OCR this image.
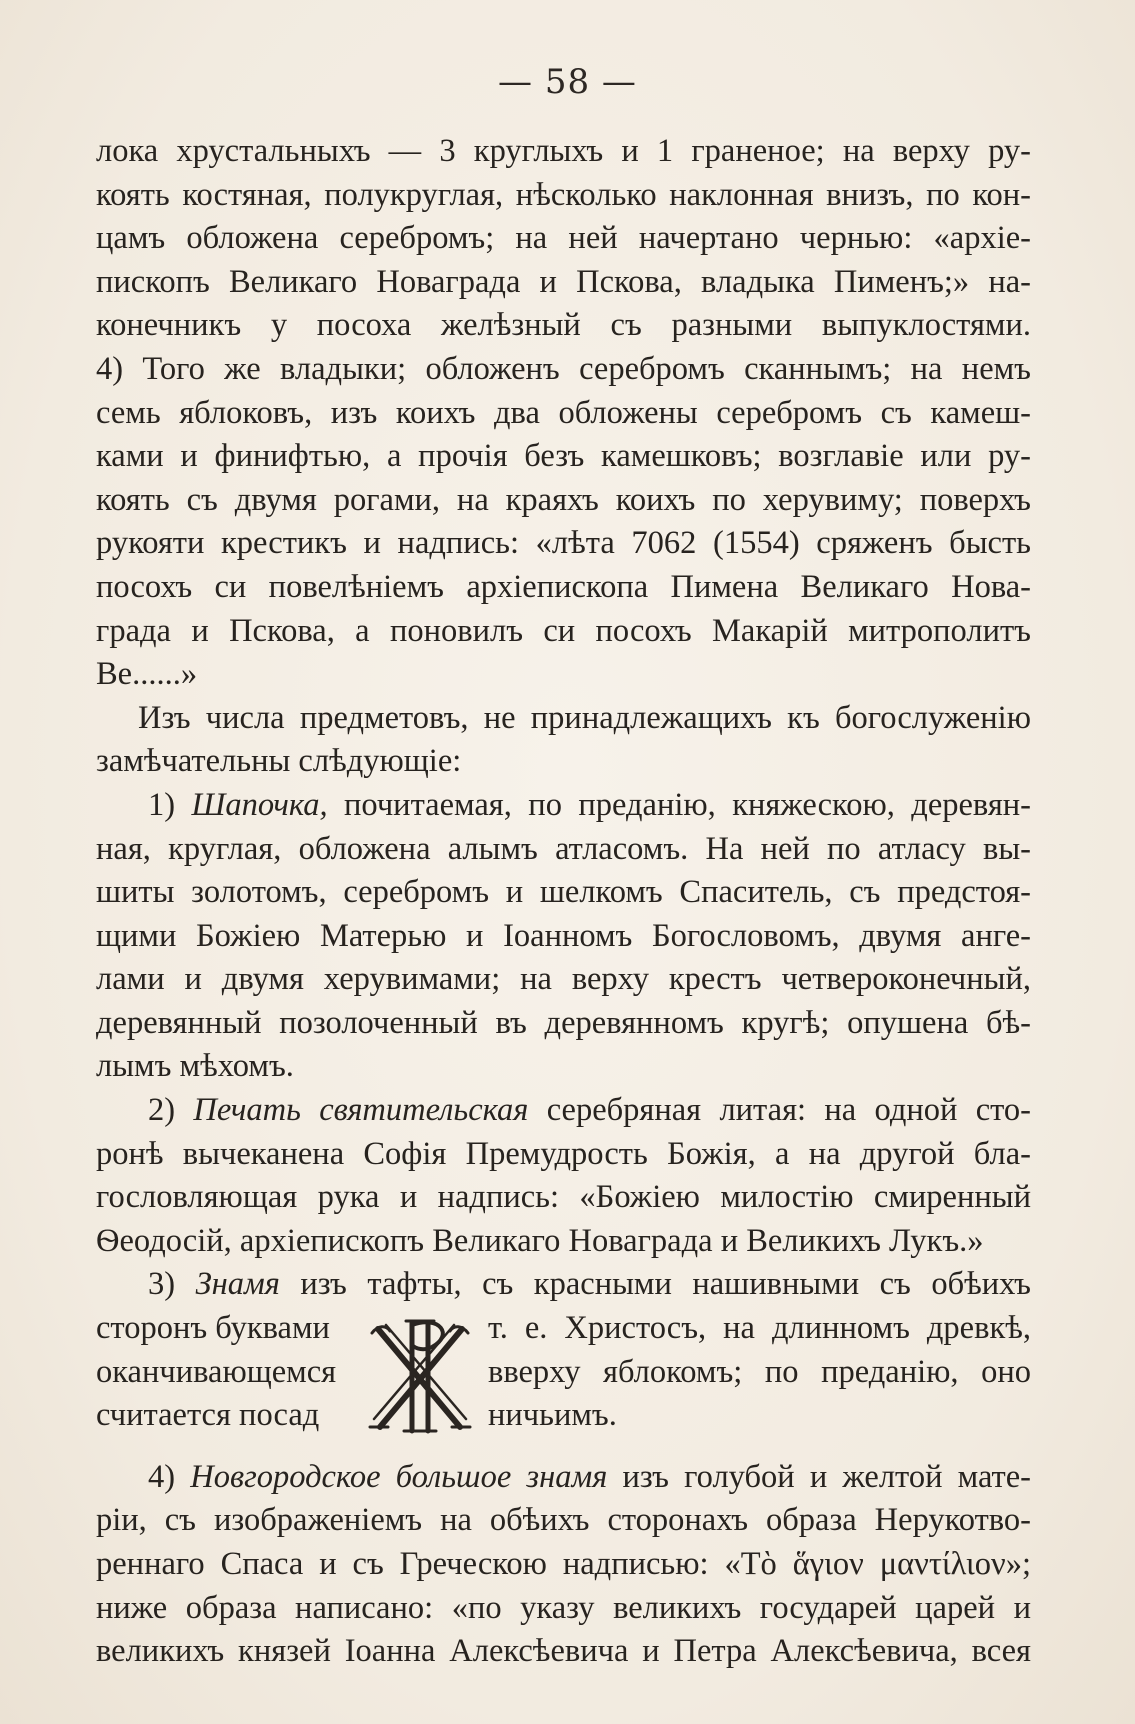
— 58 —
лока хрустальныхъ — 3 круглыхъ и 1 граненое; на верху ру-
коять костяная, полукруглая, нѣсколько наклонная внизъ, по кон-
цамъ обложена серебромъ; на ней начертано чернью: «архіе-
пископъ Великаго Новаграда и Пскова, владыка Пименъ;» на-
конечникъ у посоха желѣзный съ разными выпуклостями.
4) Того же владыки; обложенъ серебромъ сканнымъ; на немъ
семь яблоковъ, изъ коихъ два обложены серебромъ съ камеш-
ками и финифтью, а прочія безъ камешковъ; возглавіе или ру-
коять съ двумя рогами, на краяхъ коихъ по херувиму; поверхъ
рукояти крестикъ и надпись: «лѣта 7062 (1554) сряженъ бысть
посохъ си повелѣніемъ архіепископа Пимена Великаго Нова-
града и Пскова, а поновилъ си посохъ Макарій митрополитъ
Ве......»
Изъ числа предметовъ, не принадлежащихъ къ богослуженію
замѣчательны слѣдующіе:
1) Шапочка, почитаемая, по преданію, княжескою, деревян-
ная, круглая, обложена алымъ атласомъ. На ней по атласу вы-
шиты золотомъ, серебромъ и шелкомъ Спаситель, съ предстоя-
щими Божіею Матерью и Іоанномъ Богословомъ, двумя анге-
лами и двумя херувимами; на верху крестъ четвероконечный,
деревянный позолоченный въ деревянномъ кругѣ; опушена бѣ-
лымъ мѣхомъ.
2) Печать святительская серебряная литая: на одной сто-
ронѣ вычеканена Софія Премудрость Божія, а на другой бла-
гословляющая рука и надпись: «Божіею милостію смиренный
Ѳеодосій, архіепископъ Великаго Новаграда и Великихъ Лукъ.»
3) Знамя изъ тафты, съ красными нашивными съ обѣихъ
сторонъ буквами
оканчивающемся
считается посад
т. е. Христосъ, на длинномъ древкѣ,
вверху яблокомъ; по преданію, оно
ничьимъ.
4) Новгородское большое знамя изъ голубой и желтой мате-
ріи, съ изображеніемъ на обѣихъ сторонахъ образа Нерукотво-
реннаго Спаса и съ Греческою надписью: «Τὸ ἅγιον μαντίλιον»;
ниже образа написано: «по указу великихъ государей царей и
великихъ князей Іоанна Алексѣевича и Петра Алексѣевича, всея
